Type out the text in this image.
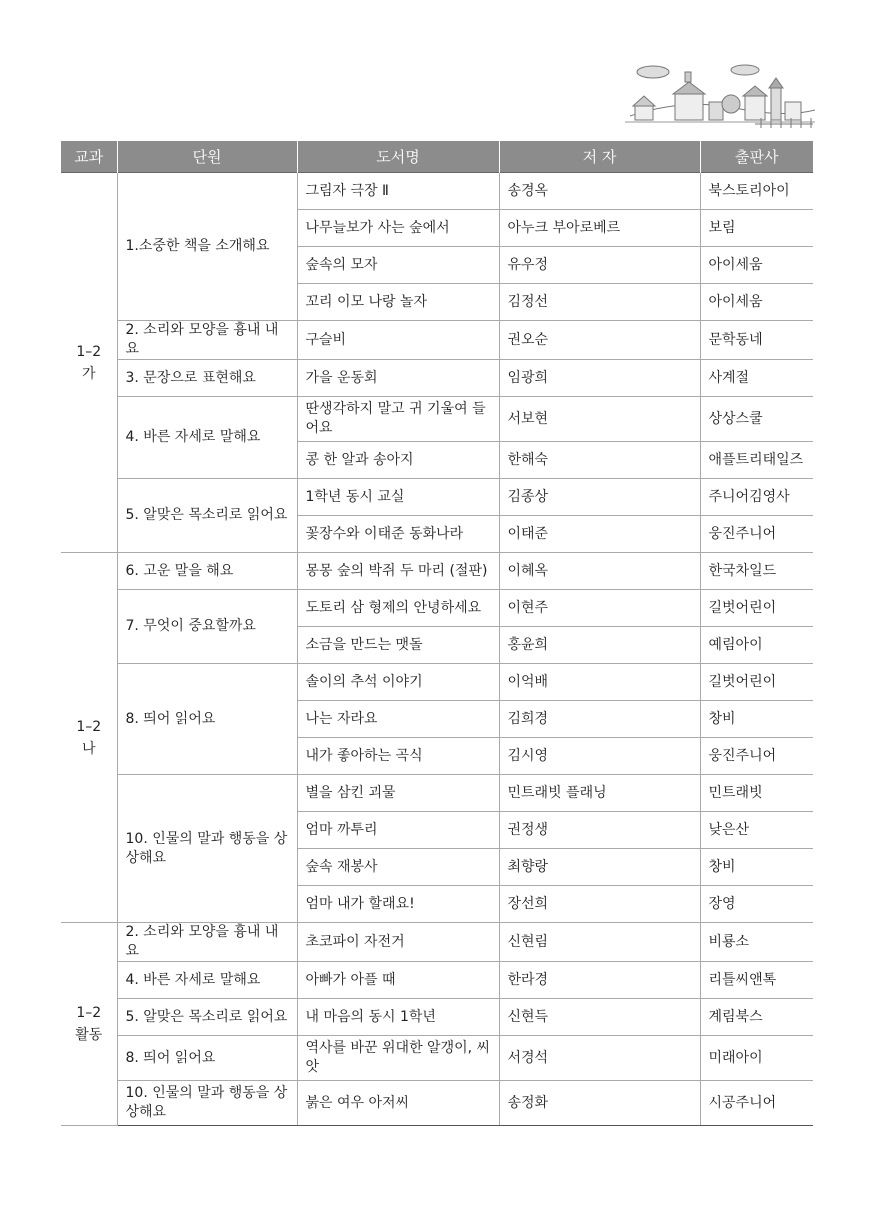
교과	단원	도서명	저 자	출판사

1–2
가	1.소중한 책을 소개해요	그림자 극장 Ⅱ	송경옥	북스토리아이
		나무늘보가 사는 숲에서	아누크 부아로베르	보림
		숲속의 모자	유우정	아이세움
		꼬리 이모 나랑 놀자	김정선	아이세움
	2. 소리와 모양을 흉내 내요	구슬비	권오순	문학동네
	3. 문장으로 표현해요	가을 운동회	임광희	사계절
	4. 바른 자세로 말해요	딴생각하지 말고 귀 기울여 들어요	서보현	상상스쿨
		콩 한 알과 송아지	한해숙	애플트리태일즈
	5. 알맞은 목소리로 읽어요	1학년 동시 교실	김종상	주니어김영사
		꽃장수와 이태준 동화나라	이태준	웅진주니어

1–2
나	6. 고운 말을 해요	몽몽 숲의 박쥐 두 마리 (절판)	이혜옥	한국차일드
	7. 무엇이 중요할까요	도토리 삼 형제의 안녕하세요	이현주	길벗어린이
		소금을 만드는 맷돌	홍윤희	예림아이
	8. 띄어 읽어요	솔이의 추석 이야기	이억배	길벗어린이
		나는 자라요	김희경	창비
		내가 좋아하는 곡식	김시영	웅진주니어
	10. 인물의 말과 행동을 상상해요	별을 삼킨 괴물	민트래빗 플래닝	민트래빗
		엄마 까투리	권정생	낮은산
		숲속 재봉사	최향랑	창비
		엄마 내가 할래요!	장선희	장영

1–2
활동	2. 소리와 모양을 흉내 내요	초코파이 자전거	신현림	비룡소
	4. 바른 자세로 말해요	아빠가 아플 때	한라경	리틀씨앤톡
	5. 알맞은 목소리로 읽어요	내 마음의 동시 1학년	신현득	계림북스
	8. 띄어 읽어요	역사를 바꾼 위대한 알갱이, 씨앗	서경석	미래아이
	10. 인물의 말과 행동을 상상해요	붉은 여우 아저씨	송정화	시공주니어
